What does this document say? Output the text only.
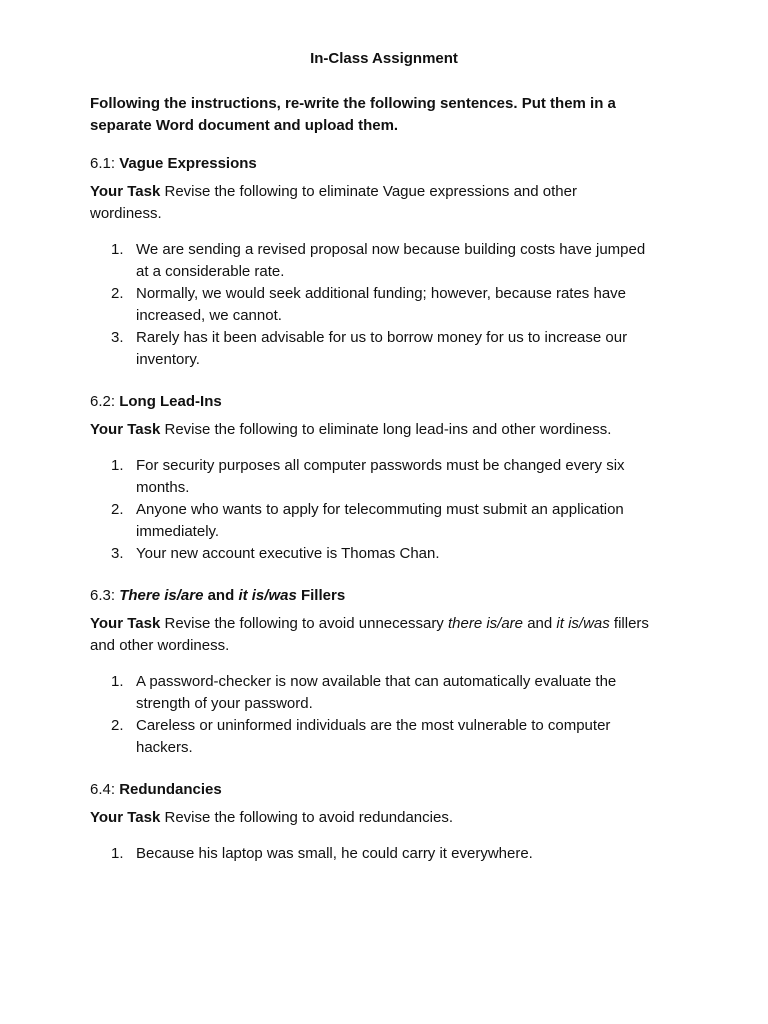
In-Class Assignment

Following the instructions, re-write the following sentences. Put them in a separate Word document and upload them.

6.1: Vague Expressions
Your Task Revise the following to eliminate Vague expressions and other wordiness.
1. We are sending a revised proposal now because building costs have jumped at a considerable rate.
2. Normally, we would seek additional funding; however, because rates have increased, we cannot.
3. Rarely has it been advisable for us to borrow money for us to increase our inventory.
6.2: Long Lead-Ins
Your Task Revise the following to eliminate long lead-ins and other wordiness.
1. For security purposes all computer passwords must be changed every six months.
2. Anyone who wants to apply for telecommuting must submit an application immediately.
3. Your new account executive is Thomas Chan.
6.3: There is/are and it is/was Fillers
Your Task Revise the following to avoid unnecessary there is/are and it is/was fillers and other wordiness.
1. A password-checker is now available that can automatically evaluate the strength of your password.
2. Careless or uninformed individuals are the most vulnerable to computer hackers.
6.4: Redundancies
Your Task Revise the following to avoid redundancies.
1. Because his laptop was small, he could carry it everywhere.
